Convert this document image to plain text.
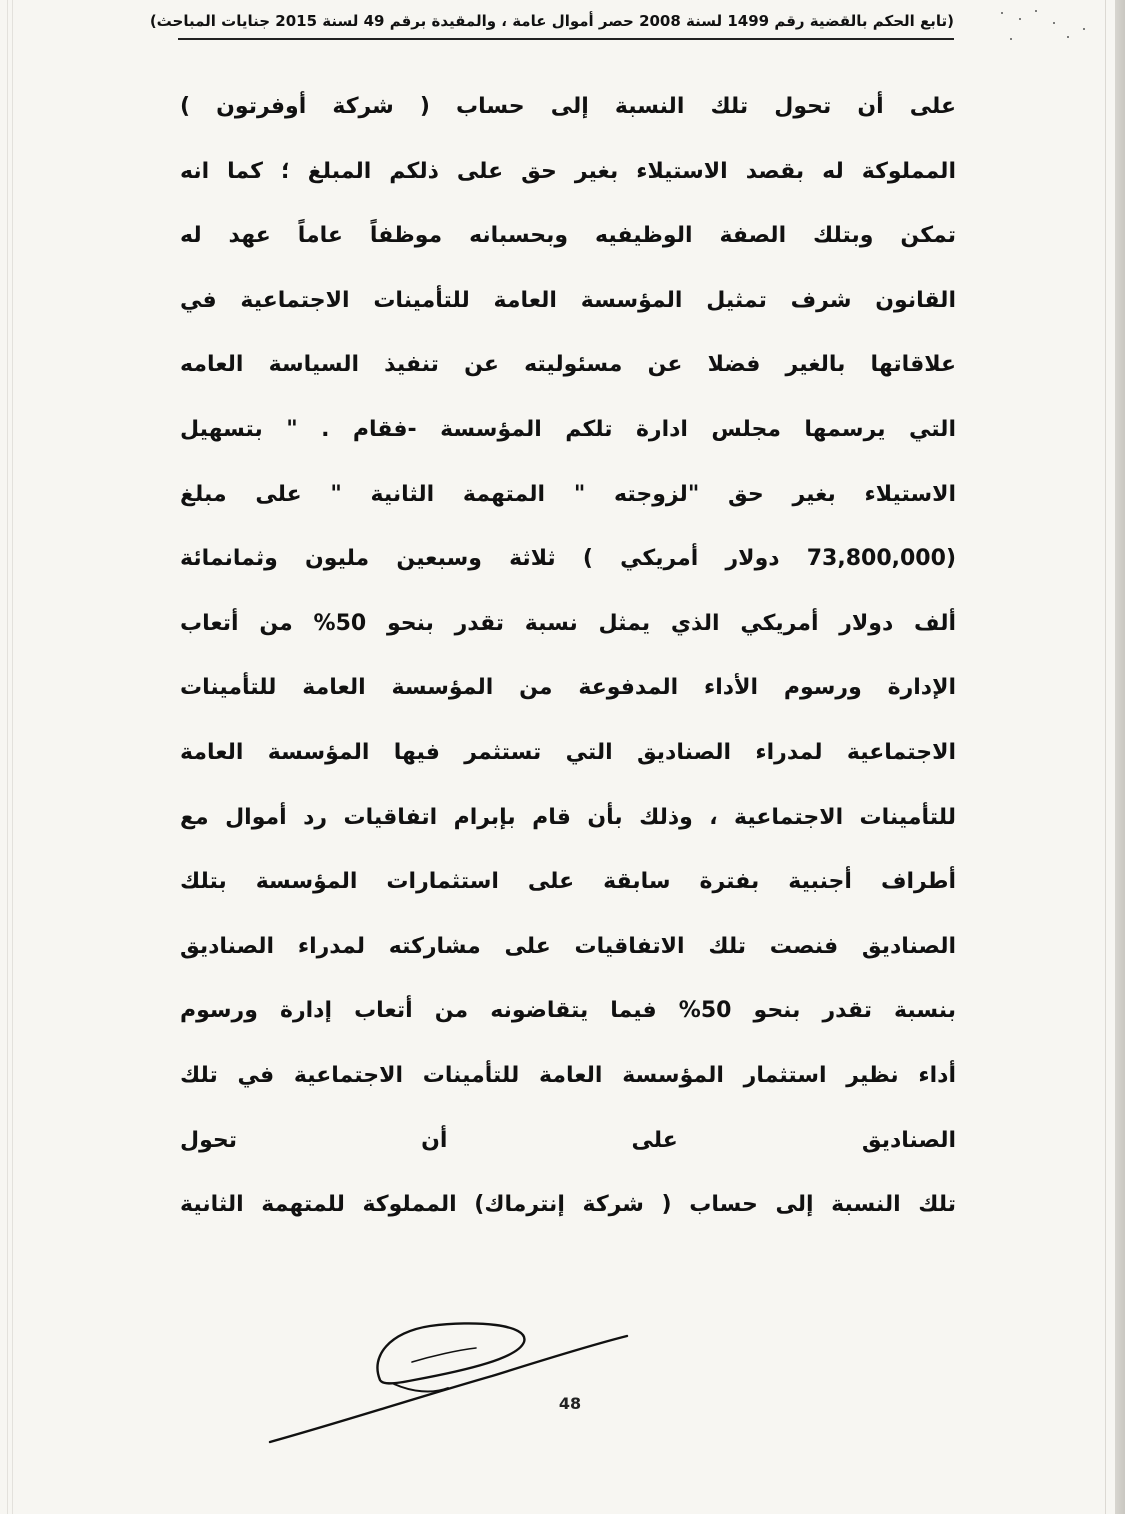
(تابع الحكم بالقضية رقم 1499 لسنة 2008 حصر أموال عامة ، والمقيدة برقم 49 لسنة 2015 جنايات المباحث)
على أن تحول تلك النسبة إلى حساب ( شركة أوفرتون )
المملوكة له بقصد الاستيلاء بغير حق على ذلكم المبلغ ؛ كما انه
تمكن وبتلك الصفة الوظيفيه وبحسبانه موظفاً عاماً عهد له
القانون شرف تمثيل المؤسسة العامة للتأمينات الاجتماعية في
علاقاتها بالغير فضلا عن مسئوليته عن تنفيذ السياسة العامه
التي يرسمها مجلس ادارة تلكم المؤسسة -فقام . " بتسهيل
الاستيلاء بغير حق "لزوجته " المتهمة الثانية " على مبلغ
(73,800,000 دولار أمريكي ) ثلاثة وسبعين مليون وثمانمائة
ألف دولار أمريكي الذي يمثل نسبة تقدر بنحو 50% من أتعاب
الإدارة ورسوم الأداء المدفوعة من المؤسسة العامة للتأمينات
الاجتماعية لمدراء الصناديق التي تستثمر فيها المؤسسة العامة
للتأمينات الاجتماعية ، وذلك بأن قام بإبرام اتفاقيات رد أموال مع
أطراف أجنبية بفترة سابقة على استثمارات المؤسسة بتلك
الصناديق فنصت تلك الاتفاقيات على مشاركته لمدراء الصناديق
بنسبة تقدر بنحو 50% فيما يتقاضونه من أتعاب إدارة ورسوم
أداء نظير استثمار المؤسسة العامة للتأمينات الاجتماعية في تلك
الصناديق على أن تحول
تلك النسبة إلى حساب ( شركة إنترماك) المملوكة للمتهمة الثانية
48
